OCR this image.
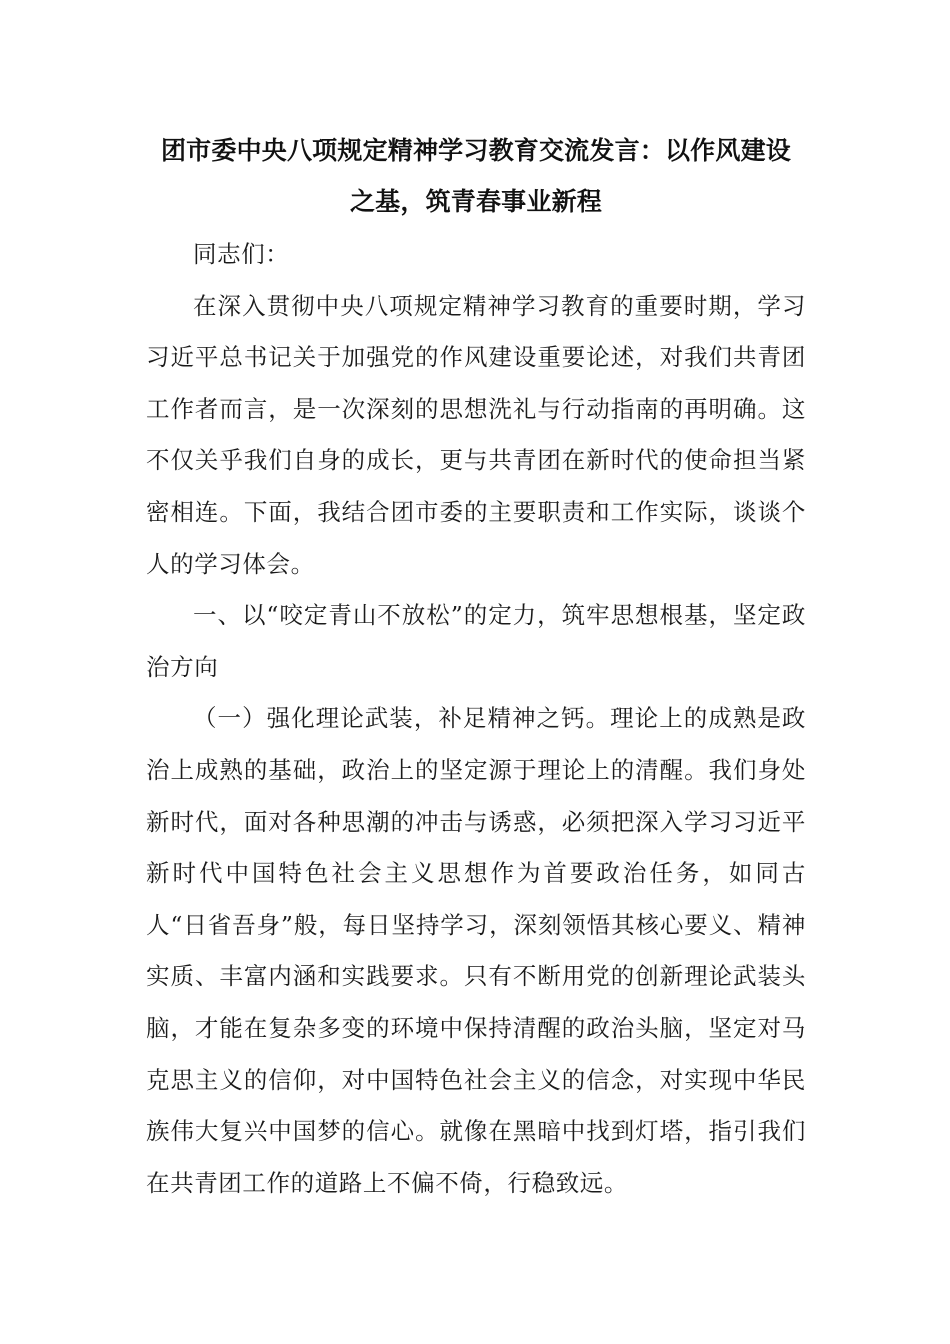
团市委中央八项规定精神学习教育交流发言：以作风建设
之基，筑青春事业新程

同志们：

在深入贯彻中央八项规定精神学习教育的重要时期，学习习近平总书记关于加强党的作风建设重要论述，对我们共青团工作者而言，是一次深刻的思想洗礼与行动指南的再明确。这不仅关乎我们自身的成长，更与共青团在新时代的使命担当紧密相连。下面，我结合团市委的主要职责和工作实际，谈谈个人的学习体会。

一、以“咬定青山不放松”的定力，筑牢思想根基，坚定政治方向

（一）强化理论武装，补足精神之钙。理论上的成熟是政治上成熟的基础，政治上的坚定源于理论上的清醒。我们身处新时代，面对各种思潮的冲击与诱惑，必须把深入学习习近平新时代中国特色社会主义思想作为首要政治任务，如同古人“日省吾身”般，每日坚持学习，深刻领悟其核心要义、精神实质、丰富内涵和实践要求。只有不断用党的创新理论武装头脑，才能在复杂多变的环境中保持清醒的政治头脑，坚定对马克思主义的信仰，对中国特色社会主义的信念，对实现中华民族伟大复兴中国梦的信心。就像在黑暗中找到灯塔，指引我们在共青团工作的道路上不偏不倚，行稳致远。
